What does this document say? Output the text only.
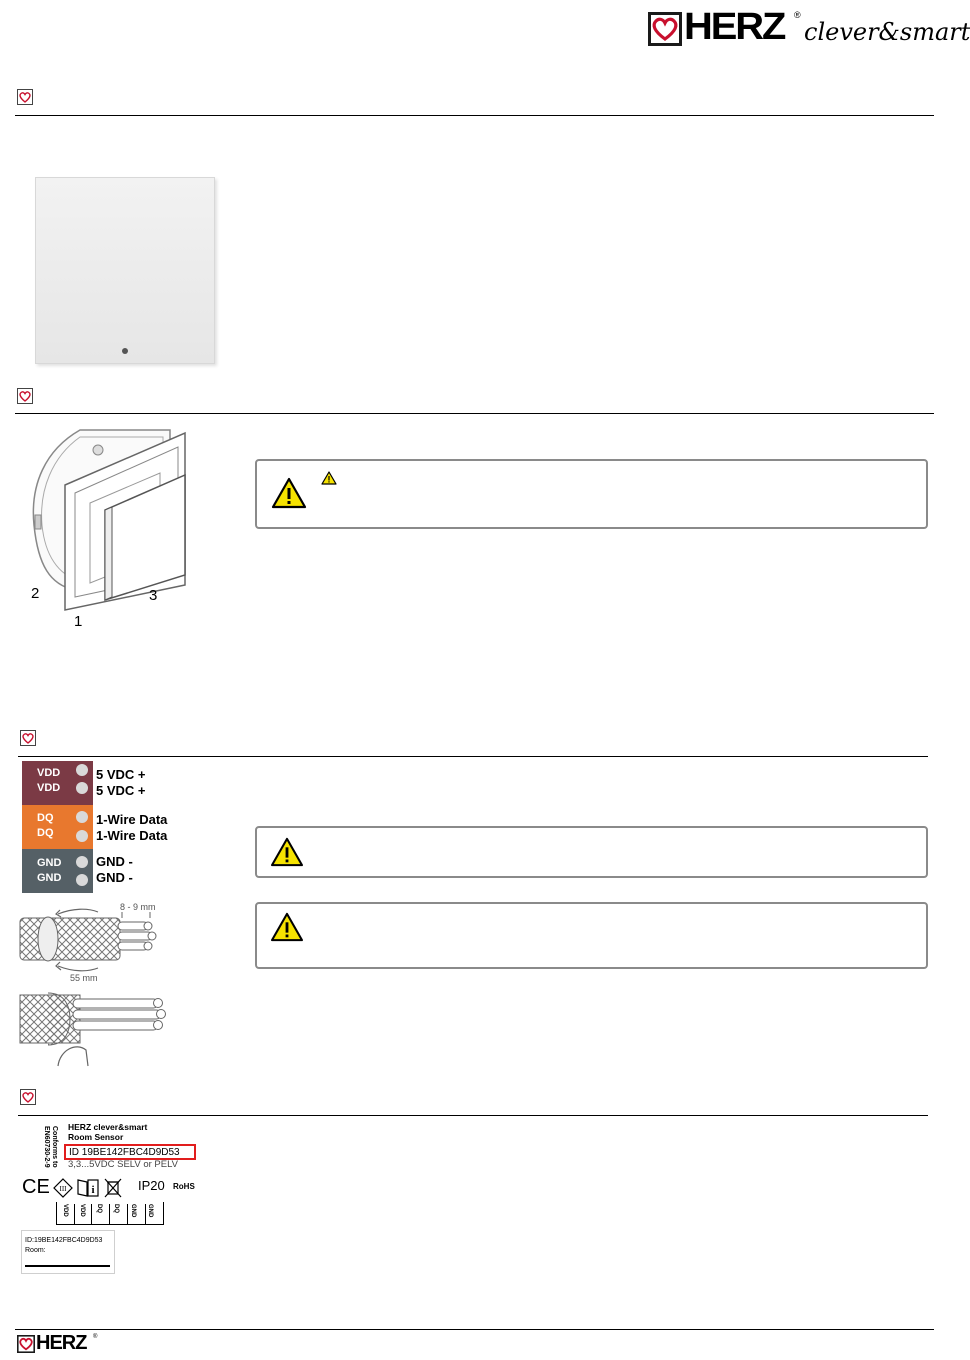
HERZ ®
clever&smart
2	3
1
VDD	5 VDC +
VDD	5 VDC +
DQ	1-Wire Data
DQ	1-Wire Data
GND	GND -
GND	GND -
8 - 9 mm
55 mm
Conforms to
EN60730-2-9 HERZ clever&smart
Room Sensor
ID 19BE142FBC4D9D53
3,3...5VDC SELV or PELV
CE III i	IP20 RoHS
VDD VDD DQ DQ GND GND
ID:19BE142FBC4D9D53
Room:
HERZ ®
